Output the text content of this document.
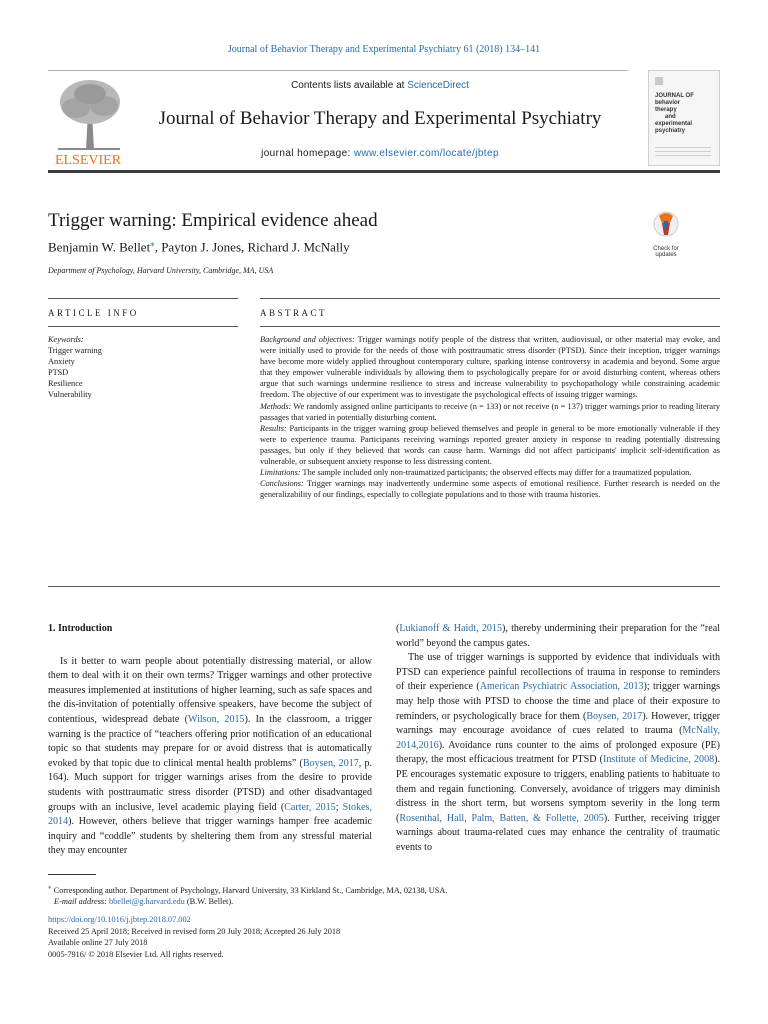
Journal of Behavior Therapy and Experimental Psychiatry 61 (2018) 134–141
ELSEVIER
Contents lists available at ScienceDirect
Journal of Behavior Therapy and Experimental Psychiatry
journal homepage: www.elsevier.com/locate/jbtep
JOURNAL OF
behavior
therapy
and
experimental
psychiatry
Trigger warning: Empirical evidence ahead
Benjamin W. Bellet⁎, Payton J. Jones, Richard J. McNally
Department of Psychology, Harvard University, Cambridge, MA, USA
Check for updates
ARTICLE INFO	ABSTRACT
Keywords:
Trigger warning
Anxiety
PTSD
Resilience
Vulnerability

Background and objectives: Trigger warnings notify people of the distress that written, audiovisual, or other material may evoke, and were initially used to provide for the needs of those with posttraumatic stress disorder (PTSD). Since their inception, trigger warnings have become more widely applied throughout contemporary culture, sparking intense controversy in academia and beyond. Some argue that they empower vulnerable individuals by allowing them to psychologically prepare for or avoid disturbing content, whereas others argue that such warnings undermine resilience to stress and increase vulnerability to psychopathology while constraining academic freedom. The objective of our experiment was to investigate the psychological effects of issuing trigger warnings.

Methods: We randomly assigned online participants to receive (n = 133) or not receive (n = 137) trigger warnings prior to reading literary passages that varied in potentially disturbing content.

Results: Participants in the trigger warning group believed themselves and people in general to be more emotionally vulnerable if they were to experience trauma. Participants receiving warnings reported greater anxiety in response to reading potentially distressing passages, but only if they believed that words can cause harm. Warnings did not affect participants' implicit self-identification as vulnerable, or subsequent anxiety response to less distressing content.

Limitations: The sample included only non-traumatized participants; the observed effects may differ for a traumatized population.

Conclusions: Trigger warnings may inadvertently undermine some aspects of emotional resilience. Further research is needed on the generalizability of our findings, especially to collegiate populations and to those with trauma histories.

1. Introduction

Is it better to warn people about potentially distressing material, or allow them to deal with it on their own terms? Trigger warnings and other protective measures implemented at institutions of higher learning, such as safe spaces and the dis-invitation of potentially offensive speakers, have become the subject of contentious, widespread debate (Wilson, 2015). In the classroom, a trigger warning is the practice of “teachers offering prior notification of an educational topic so that students may prepare for or avoid distress that is automatically evoked by that topic due to clinical mental health problems” (Boysen, 2017, p. 164). Much support for trigger warnings arises from the desire to provide students with posttraumatic stress disorder (PTSD) and other disadvantaged groups with an inclusive, level academic playing field (Carter, 2015; Stokes, 2014). However, others believe that trigger warnings hamper free academic inquiry and “coddle” students by sheltering them from any stressful material they may encounter

(Lukianoff & Haidt, 2015), thereby undermining their preparation for the “real world” beyond the campus gates.

The use of trigger warnings is supported by evidence that individuals with PTSD can experience painful recollections of trauma in response to reminders of their experience (American Psychiatric Association, 2013); trigger warnings may help those with PTSD to choose the time and place of their exposure to reminders, or psychologically brace for them (Boysen, 2017). However, trigger warnings may encourage avoidance of cues related to trauma (McNally, 2014,2016). Avoidance runs counter to the aims of prolonged exposure (PE) therapy, the most efficacious treatment for PTSD (Institute of Medicine, 2008). PE encourages systematic exposure to triggers, enabling patients to habituate to them and regain functioning. Conversely, avoidance of triggers may diminish distress in the short term, but worsens symptom severity in the long term (Rosenthal, Hall, Palm, Batten, & Follette, 2005). Further, receiving trigger warnings about trauma-related cues may enhance the centrality of traumatic events to

⁎ Corresponding author. Department of Psychology, Harvard University, 33 Kirkland St., Cambridge, MA, 02138, USA.
E-mail address: bbellet@g.harvard.edu (B.W. Bellet).
https://doi.org/10.1016/j.jbtep.2018.07.002
Received 25 April 2018; Received in revised form 20 July 2018; Accepted 26 July 2018
Available online 27 July 2018
0005-7916/ © 2018 Elsevier Ltd. All rights reserved.
